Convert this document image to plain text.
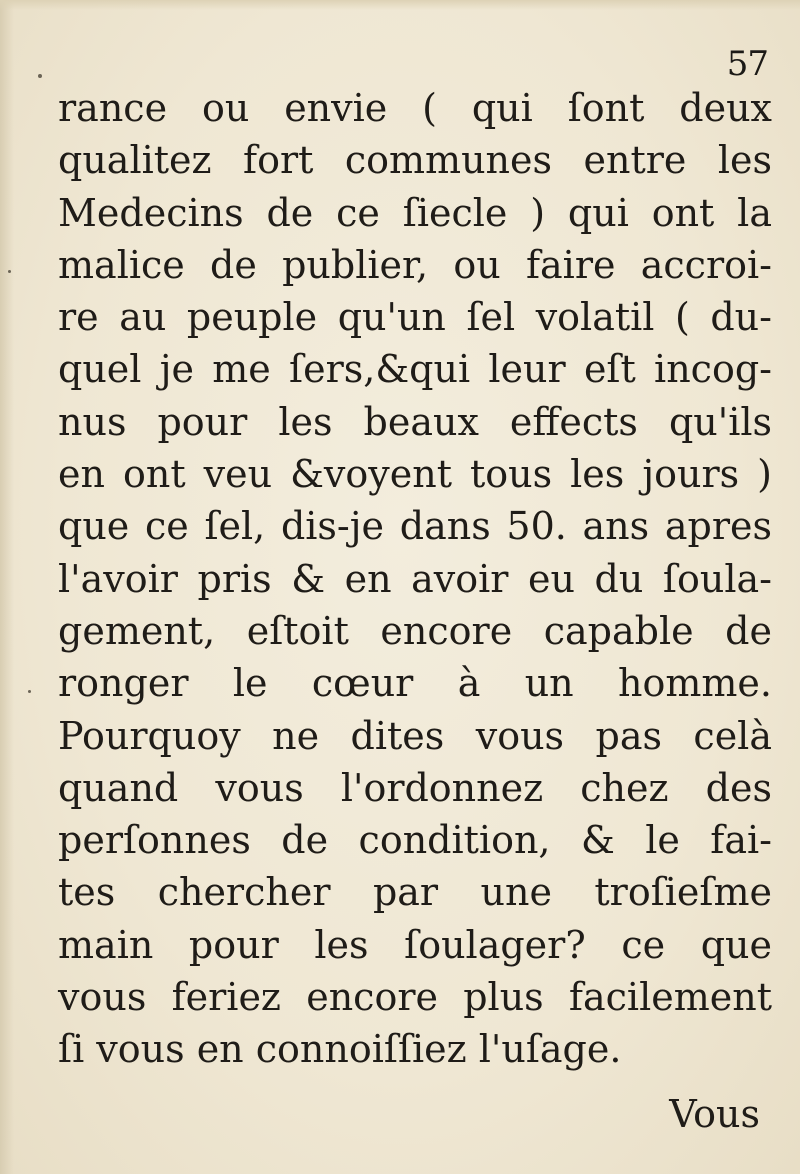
57
rance ou envie ( qui ſont deux
qualitez fort communes entre les
Medecins de ce ſiecle ) qui ont la
malice de publier, ou faire accroi-
re au peuple qu'un ſel volatil ( du-
quel je me ſers,&qui leur eſt incog-
nus pour les beaux effects qu'ils
en ont veu &voyent tous les jours )
que ce ſel, dis-je dans 50. ans apres
l'avoir pris & en avoir eu du ſoula-
gement, eſtoit encore capable de
ronger le cœur à un homme.
Pourquoy ne dites vous pas celà
quand vous l'ordonnez chez des
perſonnes de condition, & le fai-
tes chercher par une troſieſme
main pour les ſoulager? ce que
vous feriez encore plus facilement
ſi vous en connoiſſiez l'uſage.
Vous
